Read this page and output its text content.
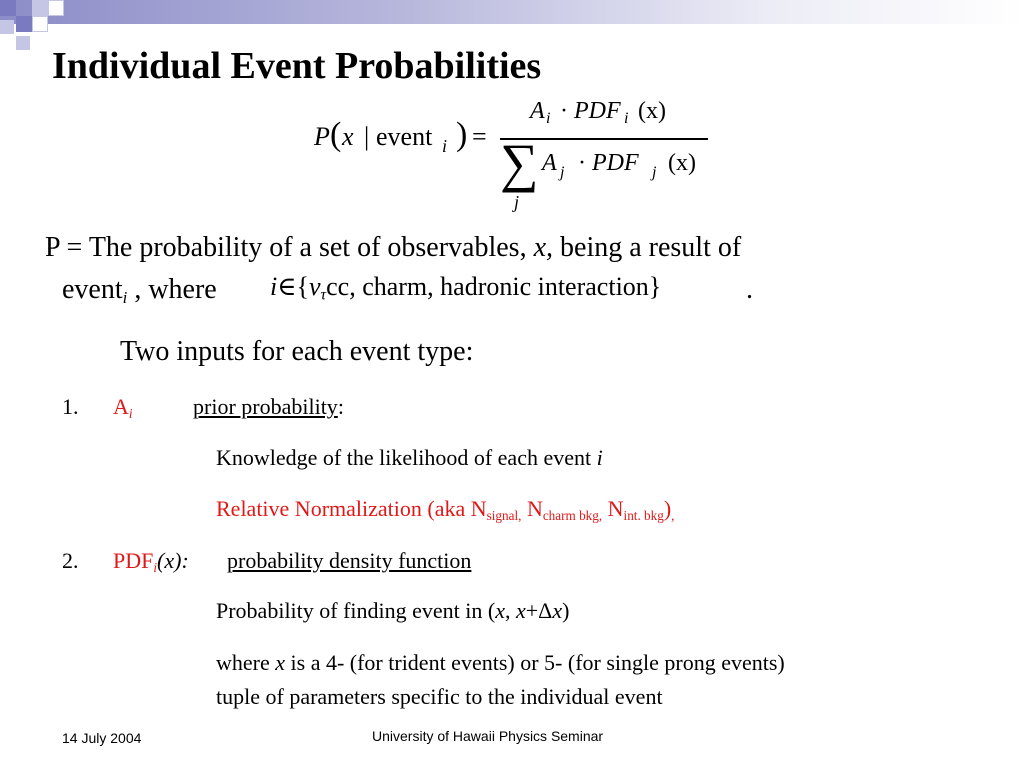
Individual Event Probabilities
P ( x | event i ) =
A i · PDF i (x)
∑
j
A j · PDF j (x)
P = The probability of a set of observables, x, being a result of
event$_i$ , where $i\in\{\nu_\tau cc$, charm, hadronic interaction}	.
Two inputs for each event type:
1. $A_i$	prior probability:
Knowledge of the likelihood of each event i
Relative Normalization (aka $N_{signal,}$ $N_{charm bkg,}$ $N_{int. bkg})_,$
2. $PDF_i(x)$: probability density function
Probability of finding event in (x, x+Δx)
where x is a 4- (for trident events) or 5- (for single prong events)
tuple of parameters specific to the individual event
14 July 2004	University of Hawaii Physics Seminar
